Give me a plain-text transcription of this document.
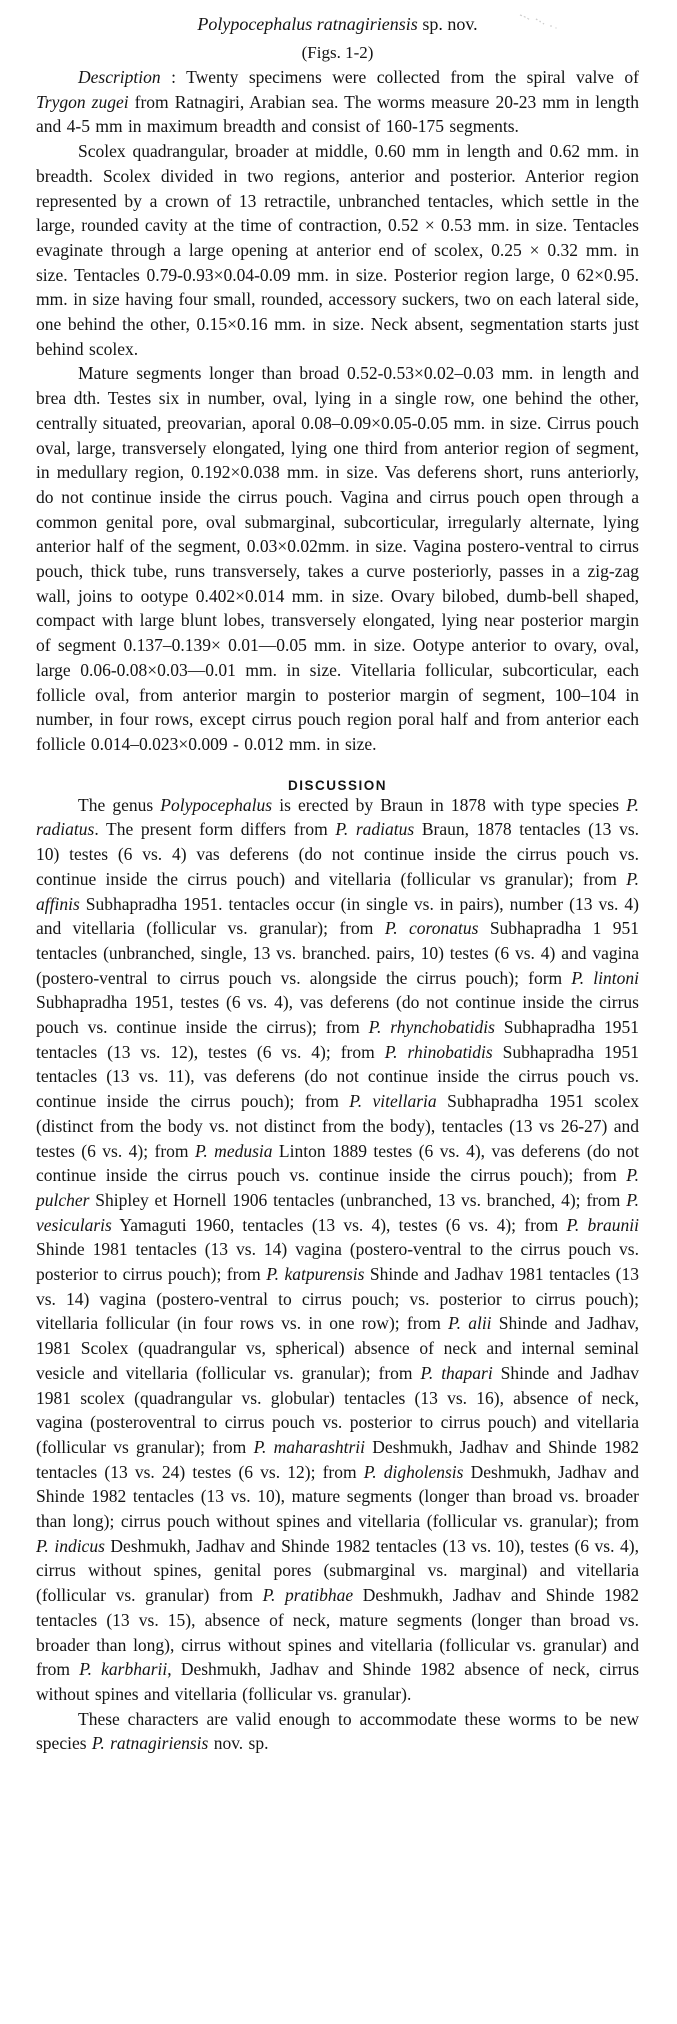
Polypocephalus ratnagiriensis sp. nov.
(Figs. 1-2)

Description : Twenty specimens were collected from the spiral valve of Trygon zugei from Ratnagiri, Arabian sea. The worms measure 20-23 mm in length and 4-5 mm in maximum breadth and consist of 160-175 segments.

Scolex quadrangular, broader at middle, 0.60 mm in length and 0.62 mm. in breadth. Scolex divided in two regions, anterior and posterior. Anterior region represented by a crown of 13 retractile, unbranched tentacles, which settle in the large, rounded cavity at the time of contraction, 0.52 × 0.53 mm. in size. Tentacles evaginate through a large opening at anterior end of scolex, 0.25 × 0.32 mm. in size. Tentacles 0.79-0.93×0.04-0.09 mm. in size. Posterior region large, 0 62×0.95. mm. in size having four small, rounded, accessory suckers, two on each lateral side, one behind the other, 0.15×0.16 mm. in size. Neck absent, segmentation starts just behind scolex.

Mature segments longer than broad 0.52-0.53×0.02–0.03 mm. in length and brea dth. Testes six in number, oval, lying in a single row, one behind the other, centrally situated, preovarian, aporal 0.08–0.09×0.05-0.05 mm. in size. Cirrus pouch oval, large, transversely elongated, lying one third from anterior region of segment, in medullary region, 0.192×0.038 mm. in size. Vas deferens short, runs anteriorly, do not continue inside the cirrus pouch. Vagina and cirrus pouch open through a common genital pore, oval submarginal, subcorticular, irregularly alternate, lying anterior half of the segment, 0.03×0.02mm. in size. Vagina postero-ventral to cirrus pouch, thick tube, runs transversely, takes a curve posteriorly, passes in a zig-zag wall, joins to ootype 0.402×0.014 mm. in size. Ovary bilobed, dumb-bell shaped, compact with large blunt lobes, transversely elongated, lying near posterior margin of segment 0.137–0.139× 0.01—0.05 mm. in size. Ootype anterior to ovary, oval, large 0.06-0.08×0.03—0.01 mm. in size. Vitellaria follicular, subcorticular, each follicle oval, from anterior margin to posterior margin of segment, 100–104 in number, in four rows, except cirrus pouch region poral half and from anterior each follicle 0.014–0.023×0.009 - 0.012 mm. in size.

DISCUSSION

The genus Polypocephalus is erected by Braun in 1878 with type species P. radiatus. The present form differs from P. radiatus Braun, 1878 tentacles (13 vs. 10) testes (6 vs. 4) vas deferens (do not continue inside the cirrus pouch vs. continue inside the cirrus pouch) and vitellaria (follicular vs granular); from P. affinis Subhapradha 1951. tentacles occur (in single vs. in pairs), number (13 vs. 4) and vitellaria (follicular vs. granular); from P. coronatus Subhapradha 1 951 tentacles (unbranched, single, 13 vs. branched. pairs, 10) testes (6 vs. 4) and vagina (postero-ventral to cirrus pouch vs. alongside the cirrus pouch); form P. lintoni Subhapradha 1951, testes (6 vs. 4), vas deferens (do not continue inside the cirrus pouch vs. continue inside the cirrus); from P. rhynchobatidis Subhapradha 1951 tentacles (13 vs. 12), testes (6 vs. 4); from P. rhinobatidis Subhapradha 1951 tentacles (13 vs. 11), vas deferens (do not continue inside the cirrus pouch vs. continue inside the cirrus pouch); from P. vitellaria Subhapradha 1951 scolex (distinct from the body vs. not distinct from the body), tentacles (13 vs 26-27) and testes (6 vs. 4); from P. medusia Linton 1889 testes (6 vs. 4), vas deferens (do not continue inside the cirrus pouch vs. continue inside the cirrus pouch); from P. pulcher Shipley et Hornell 1906 tentacles (unbranched, 13 vs. branched, 4); from P. vesicularis Yamaguti 1960, tentacles (13 vs. 4), testes (6 vs. 4); from P. braunii Shinde 1981 tentacles (13 vs. 14) vagina (postero-ventral to the cirrus pouch vs. posterior to cirrus pouch); from P. katpurensis Shinde and Jadhav 1981 tentacles (13 vs. 14) vagina (postero-ventral to cirrus pouch; vs. posterior to cirrus pouch); vitellaria follicular (in four rows vs. in one row); from P. alii Shinde and Jadhav, 1981 Scolex (quadrangular vs, spherical) absence of neck and internal seminal vesicle and vitellaria (follicular vs. granular); from P. thapari Shinde and Jadhav 1981 scolex (quadrangular vs. globular) tentacles (13 vs. 16), absence of neck, vagina (posteroventral to cirrus pouch vs. posterior to cirrus pouch) and vitellaria (follicular vs granular); from P. maharashtrii Deshmukh, Jadhav and Shinde 1982 tentacles (13 vs. 24) testes (6 vs. 12); from P. digholensis Deshmukh, Jadhav and Shinde 1982 tentacles (13 vs. 10), mature segments (longer than broad vs. broader than long); cirrus pouch without spines and vitellaria (follicular vs. granular); from P. indicus Deshmukh, Jadhav and Shinde 1982 tentacles (13 vs. 10), testes (6 vs. 4), cirrus without spines, genital pores (submarginal vs. marginal) and vitellaria (follicular vs. granular) from P. pratibhae Deshmukh, Jadhav and Shinde 1982 tentacles (13 vs. 15), absence of neck, mature segments (longer than broad vs. broader than long), cirrus without spines and vitellaria (follicular vs. granular) and from P. karbharii, Deshmukh, Jadhav and Shinde 1982 absence of neck, cirrus without spines and vitellaria (follicular vs. granular).

These characters are valid enough to accommodate these worms to be new species P. ratnagiriensis nov. sp.
